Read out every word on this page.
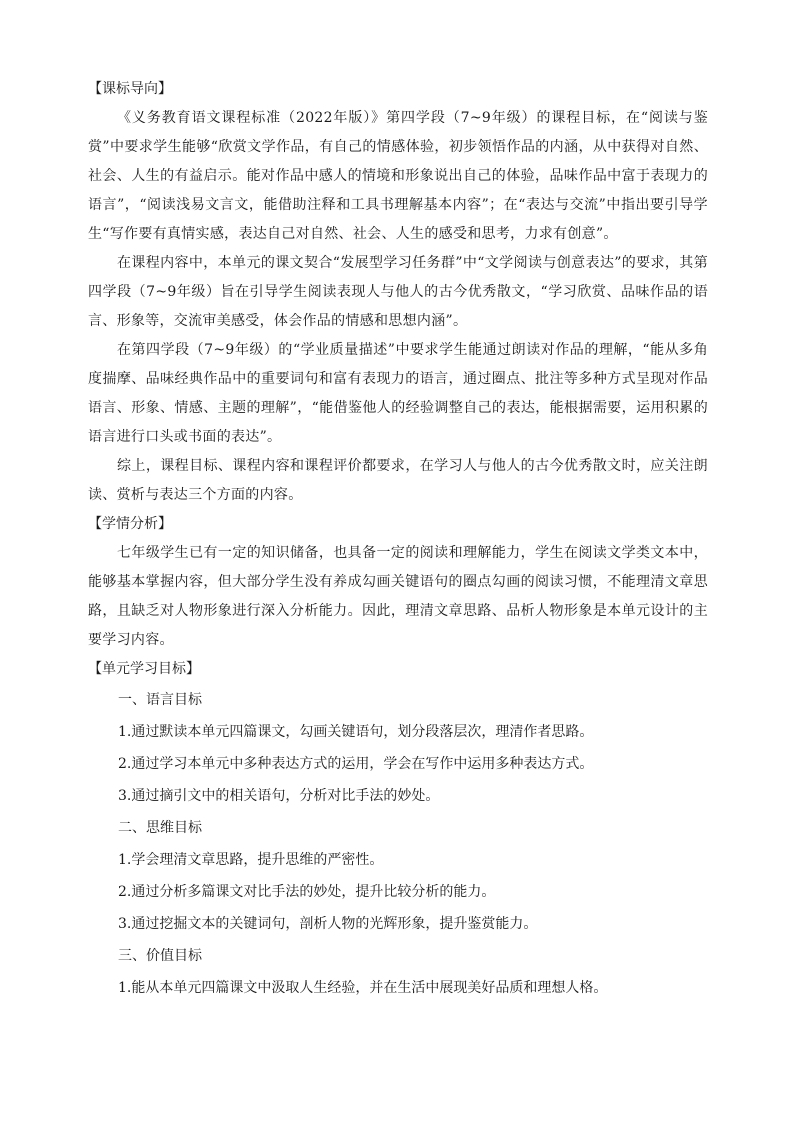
【课标导向】

《义务教育语文课程标准（2022年版）》第四学段（7~9年级）的课程目标，在“阅读与鉴赏”中要求学生能够“欣赏文学作品，有自己的情感体验，初步领悟作品的内涵，从中获得对自然、社会、人生的有益启示。能对作品中感人的情境和形象说出自己的体验，品味作品中富于表现力的语言”，“阅读浅易文言文，能借助注释和工具书理解基本内容”；在“表达与交流”中指出要引导学生“写作要有真情实感，表达自己对自然、社会、人生的感受和思考，力求有创意”。

在课程内容中，本单元的课文契合“发展型学习任务群”中“文学阅读与创意表达”的要求，其第四学段（7~9年级）旨在引导学生阅读表现人与他人的古今优秀散文，“学习欣赏、品味作品的语言、形象等，交流审美感受，体会作品的情感和思想内涵”。

在第四学段（7~9年级）的“学业质量描述”中要求学生能通过朗读对作品的理解，“能从多角度揣摩、品味经典作品中的重要词句和富有表现力的语言，通过圈点、批注等多种方式呈现对作品语言、形象、情感、主题的理解”，“能借鉴他人的经验调整自己的表达，能根据需要，运用积累的语言进行口头或书面的表达”。

综上，课程目标、课程内容和课程评价都要求，在学习人与他人的古今优秀散文时，应关注朗读、赏析与表达三个方面的内容。

【学情分析】

七年级学生已有一定的知识储备，也具备一定的阅读和理解能力，学生在阅读文学类文本中，能够基本掌握内容，但大部分学生没有养成勾画关键语句的圈点勾画的阅读习惯，不能理清文章思路，且缺乏对人物形象进行深入分析能力。因此，理清文章思路、品析人物形象是本单元设计的主要学习内容。

【单元学习目标】

一、语言目标

1.通过默读本单元四篇课文，勾画关键语句，划分段落层次，理清作者思路。

2.通过学习本单元中多种表达方式的运用，学会在写作中运用多种表达方式。

3.通过摘引文中的相关语句，分析对比手法的妙处。

二、思维目标

1.学会理清文章思路，提升思维的严密性。

2.通过分析多篇课文对比手法的妙处，提升比较分析的能力。

3.通过挖掘文本的关键词句，剖析人物的光辉形象，提升鉴赏能力。

三、价值目标

1.能从本单元四篇课文中汲取人生经验，并在生活中展现美好品质和理想人格。
